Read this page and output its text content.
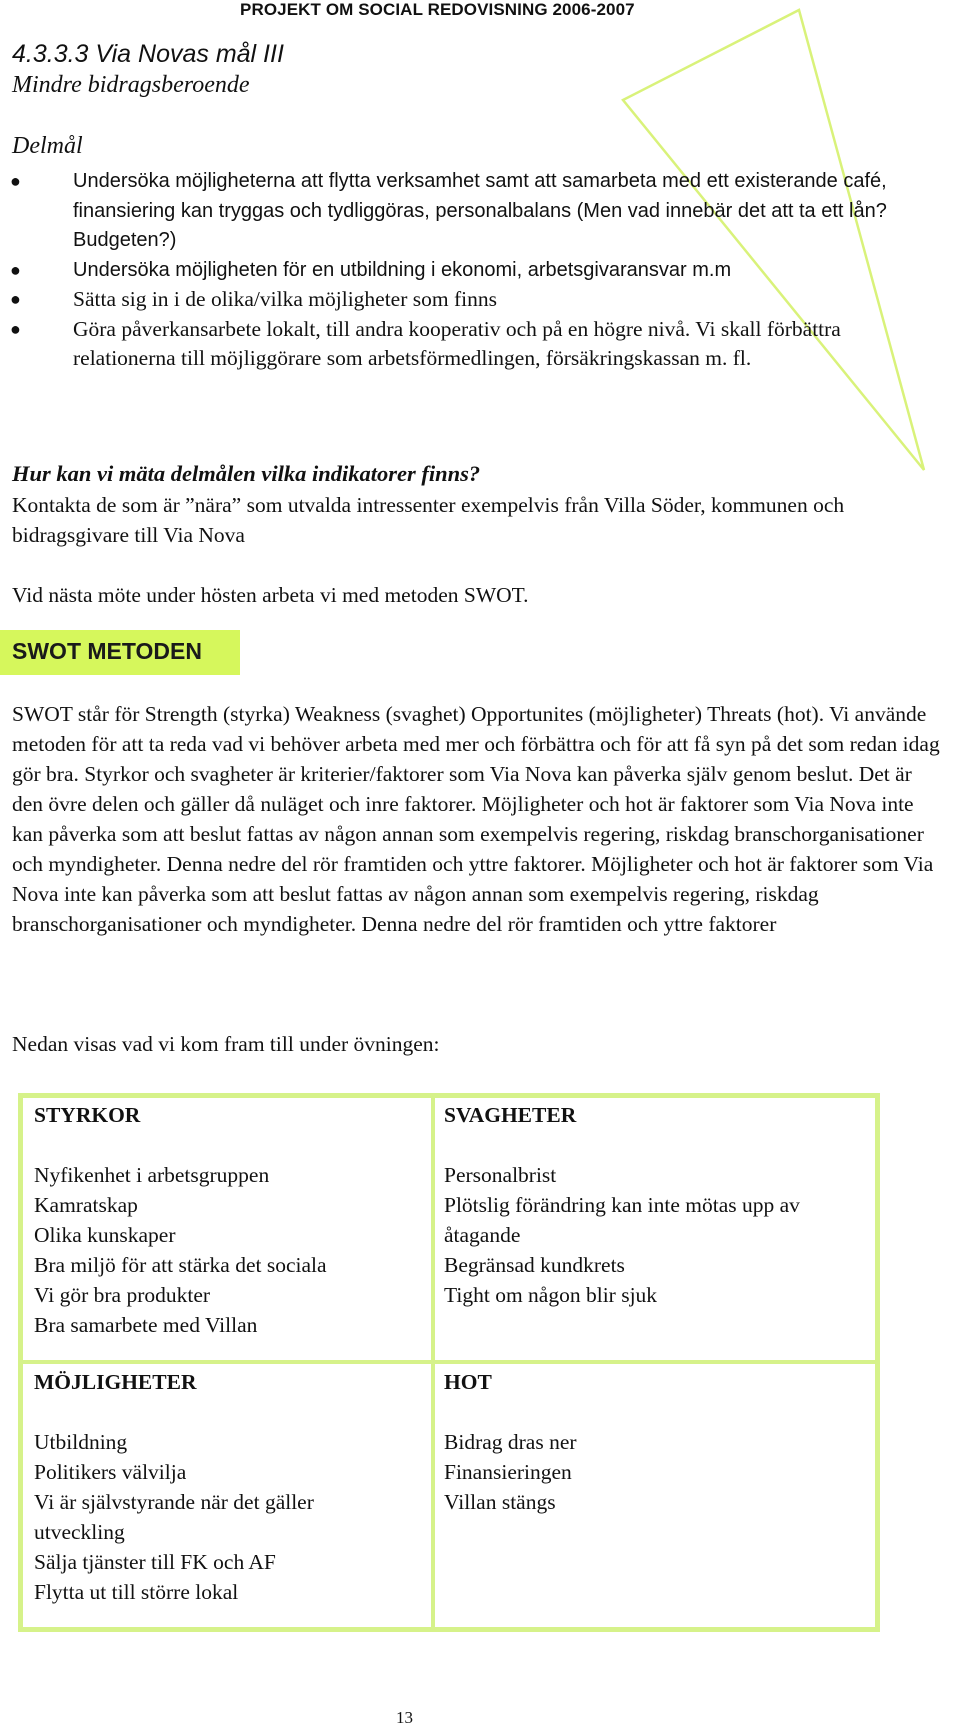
PROJEKT OM SOCIAL REDOVISNING 2006-2007
4.3.3.3 Via Novas mål III
Mindre bidragsberoende
Delmål
●	Undersöka möjligheterna att flytta verksamhet samt att samarbeta med ett existerande café, finansiering kan tryggas och tydliggöras, personalbalans (Men vad innebär det att ta ett lån? Budgeten?)
●	Undersöka möjligheten för en utbildning i ekonomi, arbetsgivaransvar m.m
● Sätta sig in i de olika/vilka möjligheter som finns
● Göra påverkansarbete lokalt, till andra kooperativ och på en högre nivå. Vi skall förbättra relationerna till möjliggörare som arbetsförmedlingen, försäkringskassan m. fl.
Hur kan vi mäta delmålen vilka indikatorer finns?

Kontakta de som är ”nära” som utvalda intressenter exempelvis från Villa Söder, kommunen och bidragsgivare till Via Nova

Vid nästa möte under hösten arbeta vi med metoden SWOT.

SWOT METODEN

SWOT står för Strength (styrka) Weakness (svaghet) Opportunites (möjligheter) Threats (hot). Vi använde metoden för att ta reda vad vi behöver arbeta med mer och förbättra och för att få syn på det som redan idag gör bra. Styrkor och svagheter är kriterier/faktorer som Via Nova kan påverka själv genom beslut. Det är den övre delen och gäller då nuläget och inre faktorer. Möjligheter och hot är faktorer som Via Nova inte kan påverka som att beslut fattas av någon annan som exempelvis regering, riskdag branschorganisationer och myndigheter. Denna nedre del rör framtiden och yttre faktorer. Möjligheter och hot är faktorer som Via Nova inte kan påverka som att beslut fattas av någon annan som exempelvis regering, riskdag branschorganisationer och myndigheter. Denna nedre del rör framtiden och yttre faktorer

Nedan visas vad vi kom fram till under övningen:

STYRKOR
Nyfikenhet i arbetsgruppen
Kamratskap
Olika kunskaper
Bra miljö för att stärka det sociala
Vi gör bra produkter
Bra samarbete med Villan
SVAGHETER
Personalbrist
Plötslig förändring kan inte mötas upp av åtagande
Begränsad kundkrets
Tight om någon blir sjuk
MÖJLIGHETER
Utbildning
Politikers välvilja
Vi är självstyrande när det gäller utveckling
Sälja tjänster till FK och AF
Flytta ut till större lokal
HOT
Bidrag dras ner
Finansieringen
Villan stängs
13
